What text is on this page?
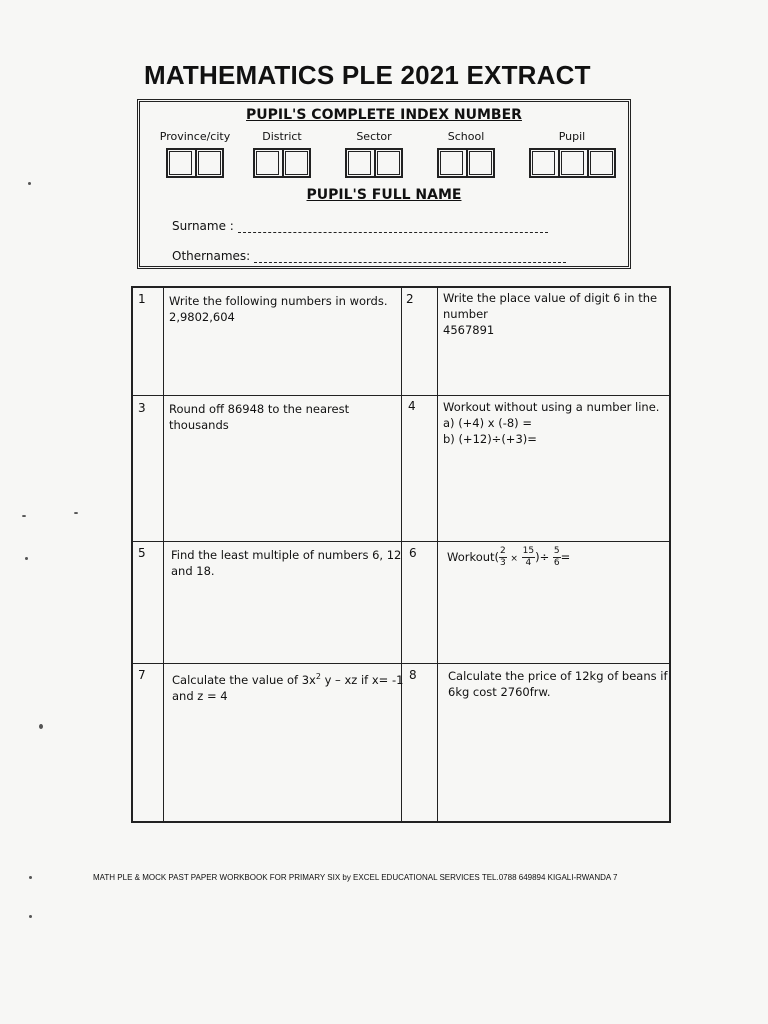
MATHEMATICS PLE 2021 EXTRACT
PUPIL'S COMPLETE INDEX NUMBER
Province/city	District	Sector	School	Pupil
PUPIL'S FULL NAME
Surname :
Othernames:
1 Write the following numbers in words.
2,9802,604
2	Write the place value of digit 6 in the
number
4567891
3 Round off 86948 to the nearest
thousands
4 Workout without using a number line.
a) (+4) x (-8) =
b) (+12)÷(+3)=
5 Find the least multiple of numbers 6, 12
and 18.
6	Workout( $\frac{2}{3} \times \frac{15}{4}$ )÷ $\frac{5}{6}$ =
7 Calculate the value of $3x^2$ y – xz if x= -1
and z = 4
8	Calculate the price of 12kg of beans if
6kg cost 2760frw.
MATH PLE & MOCK PAST PAPER WORKBOOK FOR PRIMARY SIX by EXCEL EDUCATIONAL SERVICES TEL.0788 649894 KIGALI-RWANDA 7
